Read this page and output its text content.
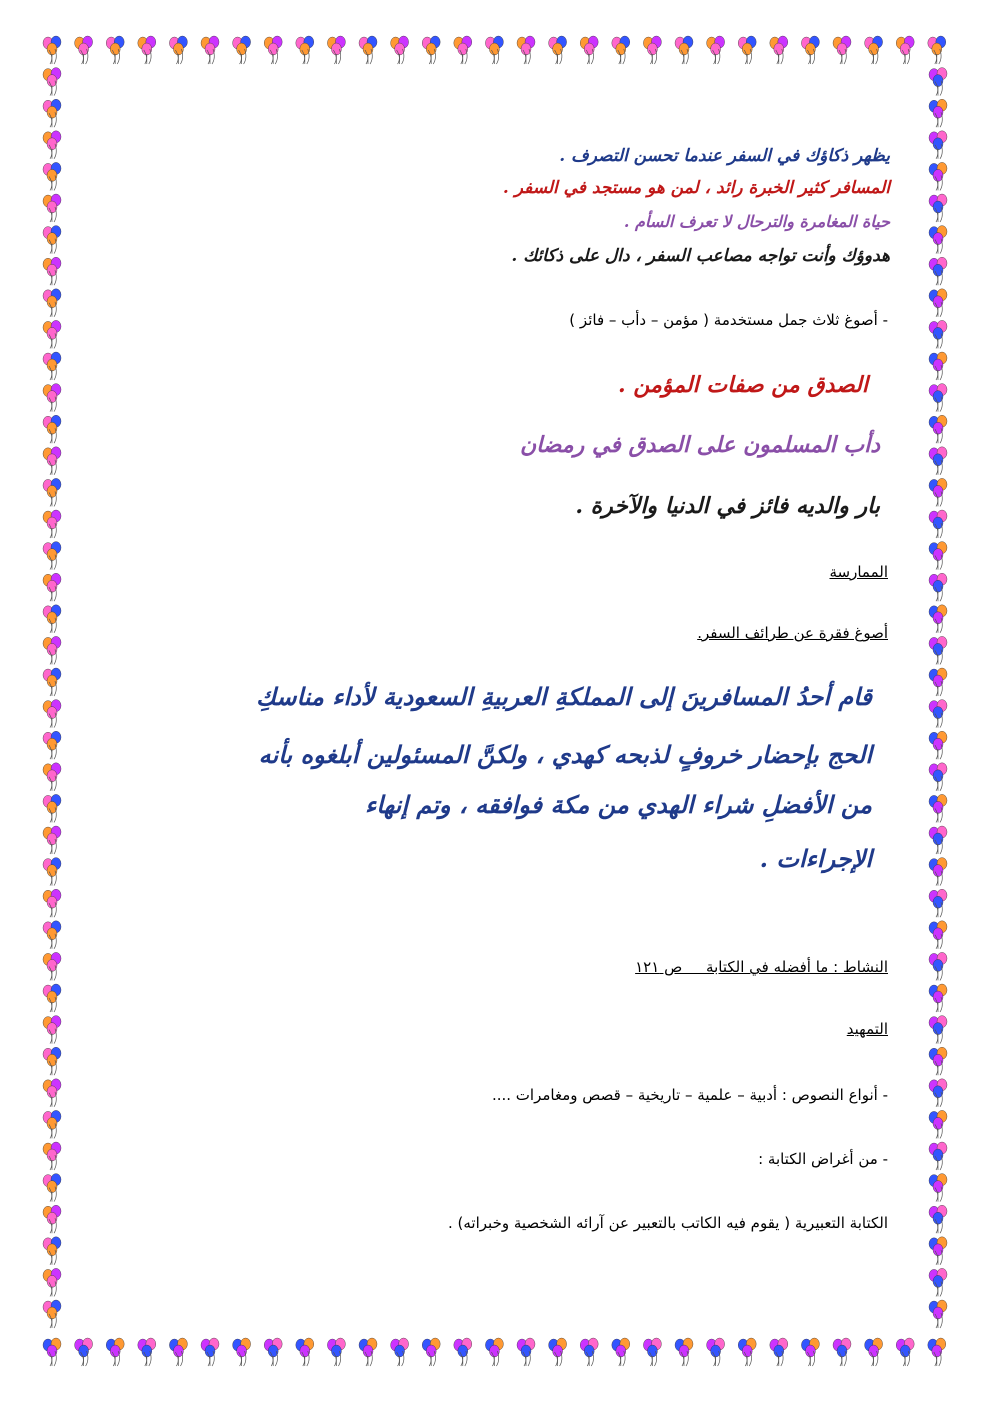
يظهر ذكاؤك في السفر عندما تحسن التصرف .
المسافر كثير الخبرة رائد ، لمن هو مستجد في السفر .
حياة المغامرة والترحال لا تعرف السأم .
هدوؤك وأنت تواجه مصاعب السفر ، دال على ذكائك .
- أصوغ ثلاث جمل مستخدمة ( مؤمن – دأب – فائز )
الصدق من صفات المؤمن .
دأب المسلمون على الصدق في رمضان
بار والديه فائز في الدنيا والآخرة .
الممارسة
أصوغ فقرة عن طرائف السفر.
قام أحدُ المسافرينَ إلى المملكةِ العربيةِ السعودية لأداء مناسكِ
الحج بإحضار خروفٍ لذبحه كهدي ، ولكنَّ المسئولين أبلغوه بأنه
من الأفضلِ شراء الهدي من مكة فوافقه ، وتم إنهاء
الإجراءات .
النشاط : ما أفضله في الكتابة     ص ١٢١
التمهيد
- أنواع النصوص : أدبية – علمية – تاريخية – قصص ومغامرات ....
- من أغراض الكتابة :
الكتابة التعبيرية ( يقوم فيه الكاتب بالتعبير عن آرائه الشخصية وخبراته) .
